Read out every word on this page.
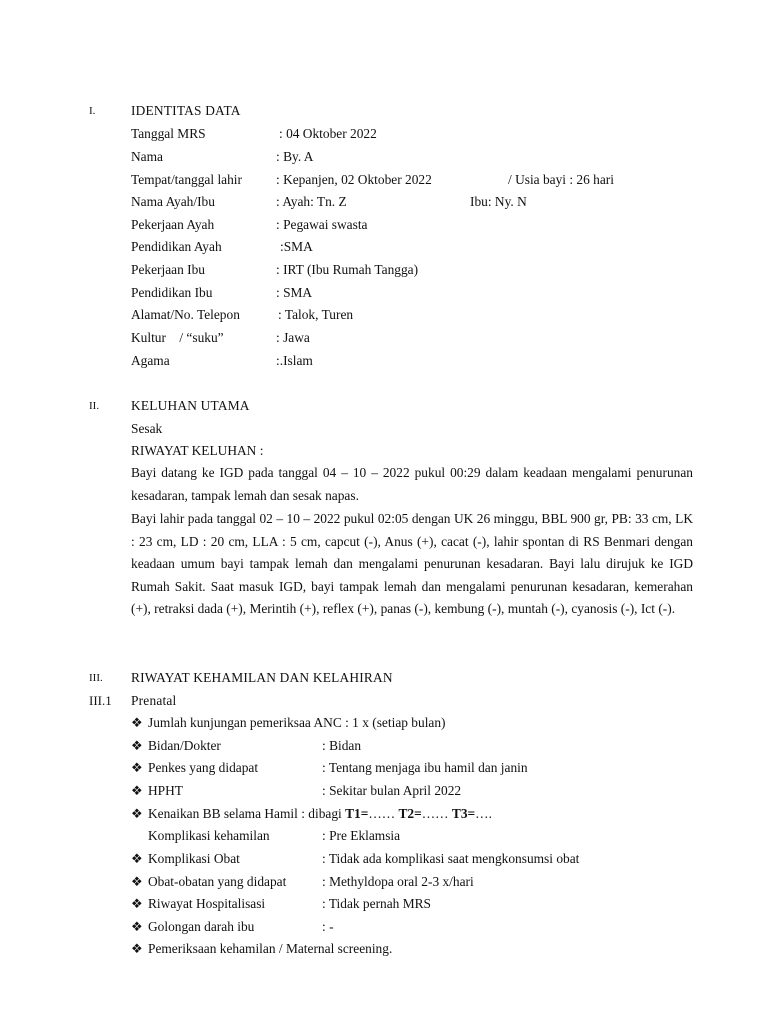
I.	IDENTITAS DATA
Tanggal MRS	: 04 Oktober 2022
Nama	: By. A
Tempat/tanggal lahir	: Kepanjen, 02 Oktober 2022	/ Usia bayi : 26 hari
Nama Ayah/Ibu	: Ayah: Tn. Z	Ibu: Ny. N
Pekerjaan Ayah	: Pegawai swasta
Pendidikan Ayah	:SMA
Pekerjaan Ibu	: IRT (Ibu Rumah Tangga)
Pendidikan Ibu	: SMA
Alamat/No. Telepon	: Talok, Turen
Kultur    / “suku”	: Jawa
Agama	:.Islam
II. KELUHAN UTAMA
Sesak
RIWAYAT KELUHAN :
Bayi datang ke IGD pada tanggal 04 – 10 – 2022 pukul 00:29 dalam keadaan mengalami penurunan kesadaran, tampak lemah dan sesak napas.
Bayi lahir pada tanggal 02 – 10 – 2022 pukul 02:05 dengan UK 26 minggu, BBL 900 gr, PB: 33 cm, LK : 23 cm, LD : 20 cm, LLA : 5 cm, capcut (-), Anus (+), cacat (-), lahir spontan di RS Benmari dengan keadaan umum bayi tampak lemah dan mengalami penurunan kesadaran. Bayi lalu dirujuk ke IGD Rumah Sakit. Saat masuk IGD, bayi tampak lemah dan mengalami penurunan kesadaran, kemerahan (+), retraksi dada (+), Merintih (+), reflex (+), panas (-), kembung (-), muntah (-), cyanosis (-), Ict (-).
III. RIWAYAT KEHAMILAN DAN KELAHIRAN
III.1 Prenatal
❖ Jumlah kunjungan pemeriksaa ANC : 1 x (setiap bulan)
❖ Bidan/Dokter	: Bidan
❖ Penkes yang didapat	: Tentang menjaga ibu hamil dan janin
❖ HPHT	: Sekitar bulan April 2022
❖ Kenaikan BB selama Hamil : dibagi T1=…… T2=…… T3=….
Komplikasi kehamilan	: Pre Eklamsia
❖ Komplikasi Obat	: Tidak ada komplikasi saat mengkonsumsi obat
❖ Obat-obatan yang didapat	: Methyldopa oral 2-3 x/hari
❖ Riwayat Hospitalisasi	: Tidak pernah MRS
❖ Golongan darah ibu	: -
❖ Pemeriksaan kehamilan / Maternal screening.
